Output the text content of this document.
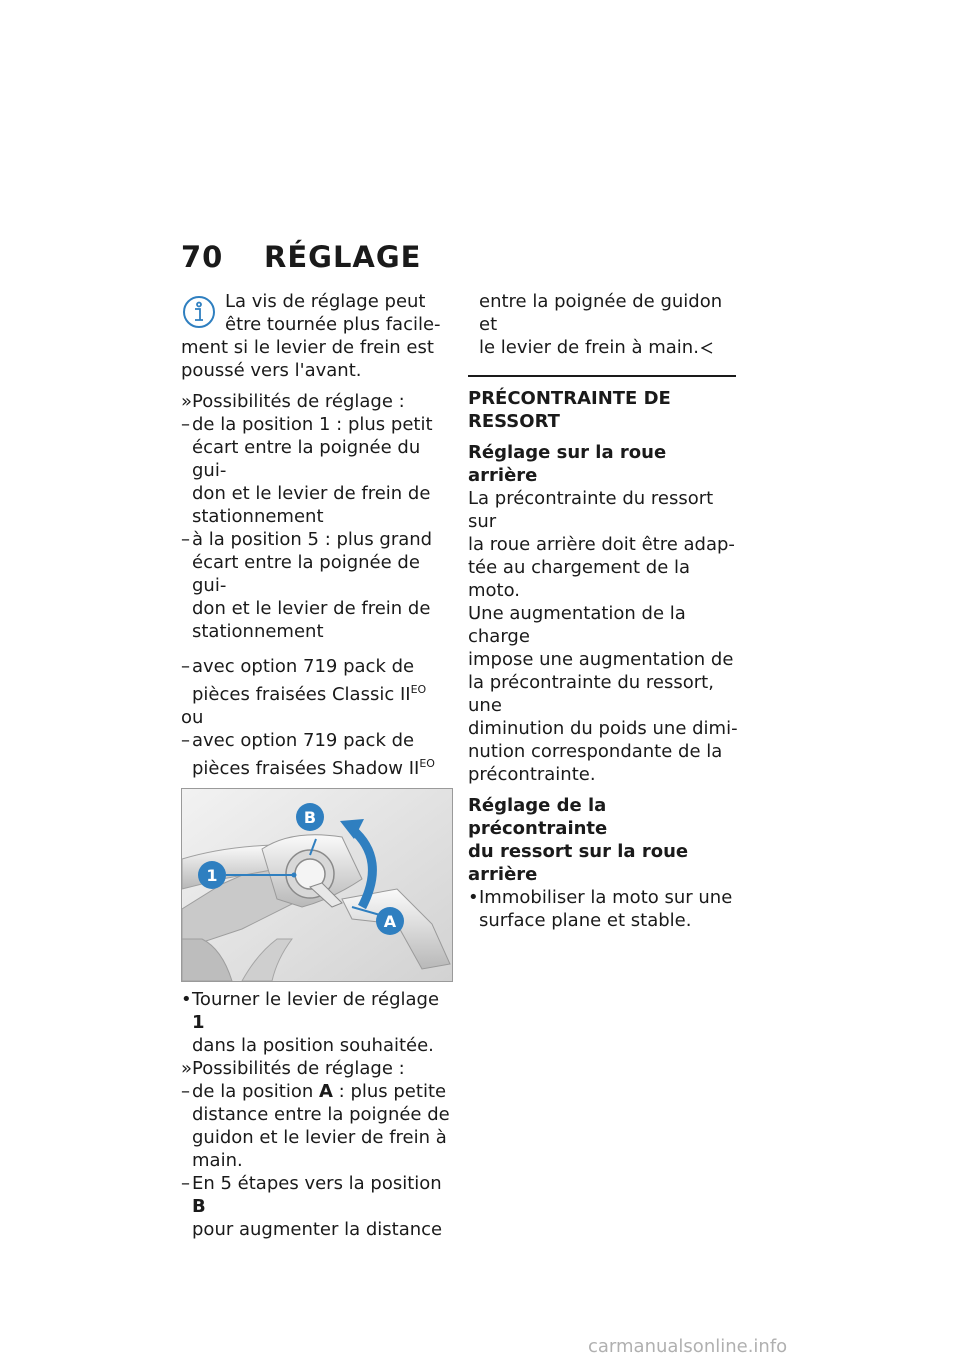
70 RÉGLAGE

La vis de réglage peut

être tournée plus facile-

ment si le levier de frein est

poussé vers l'avant.

» Possibilités de réglage :
– de la position 1 : plus petit

écart entre la poignée du gui-

don et le levier de frein de

stationnement

– à la position 5 : plus grand

écart entre la poignée de gui-

don et le levier de frein de

stationnement

– avec option 719 pack de

pièces fraisées Classic $II^{EO}$

ou

– avec option 719 pack de

pièces fraisées Shadow $II^{EO}$

1
B
A
• Tourner le levier de réglage 1

dans la position souhaitée.

» Possibilités de réglage :
– de la position A : plus petite

distance entre la poignée de

guidon et le levier de frein à

main.

– En 5 étapes vers la position B

pour augmenter la distance

entre la poignée de guidon et

le levier de frein à main.

PRÉCONTRAINTE DE

RESSORT

Réglage sur la roue arrière

La précontrainte du ressort sur

la roue arrière doit être adap-

tée au chargement de la moto.

Une augmentation de la charge

impose une augmentation de

la précontrainte du ressort, une

diminution du poids une dimi-

nution correspondante de la

précontrainte.

Réglage de la précontrainte

du ressort sur la roue arrière

• Immobiliser la moto sur une

surface plane et stable.

carmanualsonline.info
